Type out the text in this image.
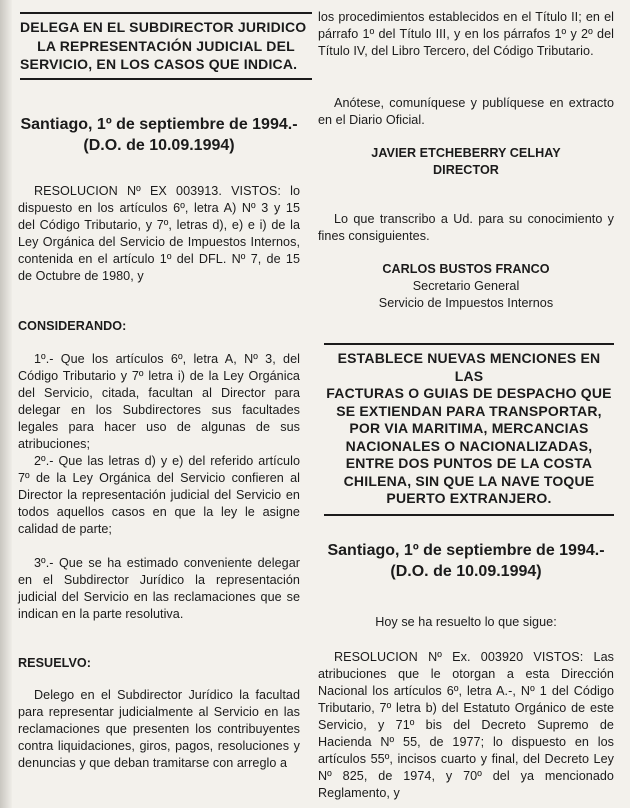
DELEGA EN EL SUBDIRECTOR JURIDICO
LA REPRESENTACIÓN JUDICIAL DEL
SERVICIO, EN LOS CASOS QUE INDICA.
Santiago, 1º de septiembre de 1994.-
(D.O. de 10.09.1994)

RESOLUCION Nº EX 003913. VISTOS: lo dispuesto en los artículos 6º, letra A) Nº 3 y 15 del Código Tributario, y 7º, letras d), e) e i) de la Ley Orgánica del Servicio de Impuestos Internos, contenida en el artículo 1º del DFL. Nº 7, de 15 de Octubre de 1980, y

CONSIDERANDO:

1º.- Que los artículos 6º, letra A, Nº 3, del Código Tributario y 7º letra i) de la Ley Orgánica del Servicio, citada, facultan al Director para delegar en los Subdirectores sus facultades legales para hacer uso de algunas de sus atribuciones;

2º.- Que las letras d) y e) del referido artículo 7º de la Ley Orgánica del Servicio confieren al Director la representación judicial del Servicio en todos aquellos casos en que la ley le asigne calidad de parte;

3º.- Que se ha estimado conveniente delegar en el Subdirector Jurídico la representación judicial del Servicio en las reclamaciones que se indican en la parte resolutiva.

RESUELVO:

Delego en el Subdirector Jurídico la facultad para representar judicialmente al Servicio en las reclamaciones que presenten los contribuyentes contra liquidaciones, giros, pagos, resoluciones y denuncias y que deban tramitarse con arreglo a

los procedimientos establecidos en el Título II; en el párrafo 1º del Título III, y en los párrafos 1º y 2º del Título IV, del Libro Tercero, del Código Tributario.

Anótese, comuníquese y publíquese en extracto en el Diario Oficial.

JAVIER ETCHEBERRY CELHAY

DIRECTOR

Lo que transcribo a Ud. para su conocimiento y fines consiguientes.

CARLOS BUSTOS FRANCO

Secretario General

Servicio de Impuestos Internos

ESTABLECE NUEVAS MENCIONES EN LAS
FACTURAS O GUIAS DE DESPACHO QUE
SE EXTIENDAN PARA TRANSPORTAR,
POR VIA MARITIMA, MERCANCIAS
NACIONALES O NACIONALIZADAS,
ENTRE DOS PUNTOS DE LA COSTA
CHILENA, SIN QUE LA NAVE TOQUE
PUERTO EXTRANJERO.
Santiago, 1º de septiembre de 1994.-
(D.O. de 10.09.1994)

Hoy se ha resuelto lo que sigue:

RESOLUCION Nº Ex. 003920 VISTOS: Las atribuciones que le otorgan a esta Dirección Nacional los artículos 6º, letra A.-, Nº 1 del Código Tributario, 7º letra b) del Estatuto Orgánico de este Servicio, y 71º bis del Decreto Supremo de Hacienda Nº 55, de 1977; lo dispuesto en los artículos 55º, incisos cuarto y final, del Decreto Ley Nº 825, de 1974, y 70º del ya mencionado Reglamento, y
